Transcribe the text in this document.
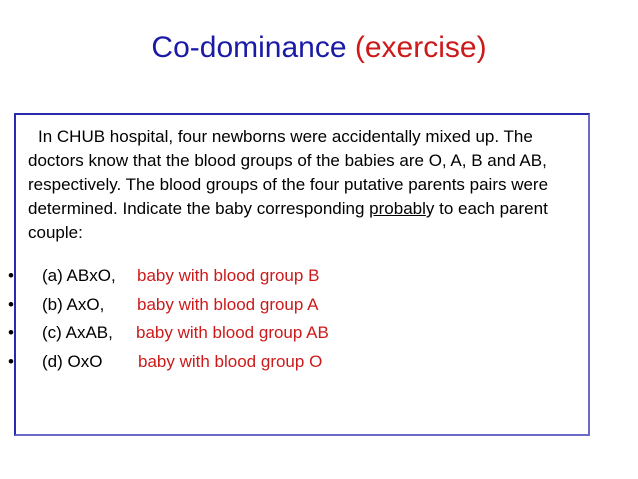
Co-dominance (exercise)

In CHUB hospital, four newborns were accidentally mixed up. The doctors know that the blood groups of the babies are O, A, B and AB, respectively. The blood groups of the four putative parents pairs were determined. Indicate the baby corresponding probably to each parent couple:

• (a) ABxO, baby with blood group B
• (b) AxO, baby with blood group A
• (c) AxAB, baby with blood group AB
• (d) OxO baby with blood group O
